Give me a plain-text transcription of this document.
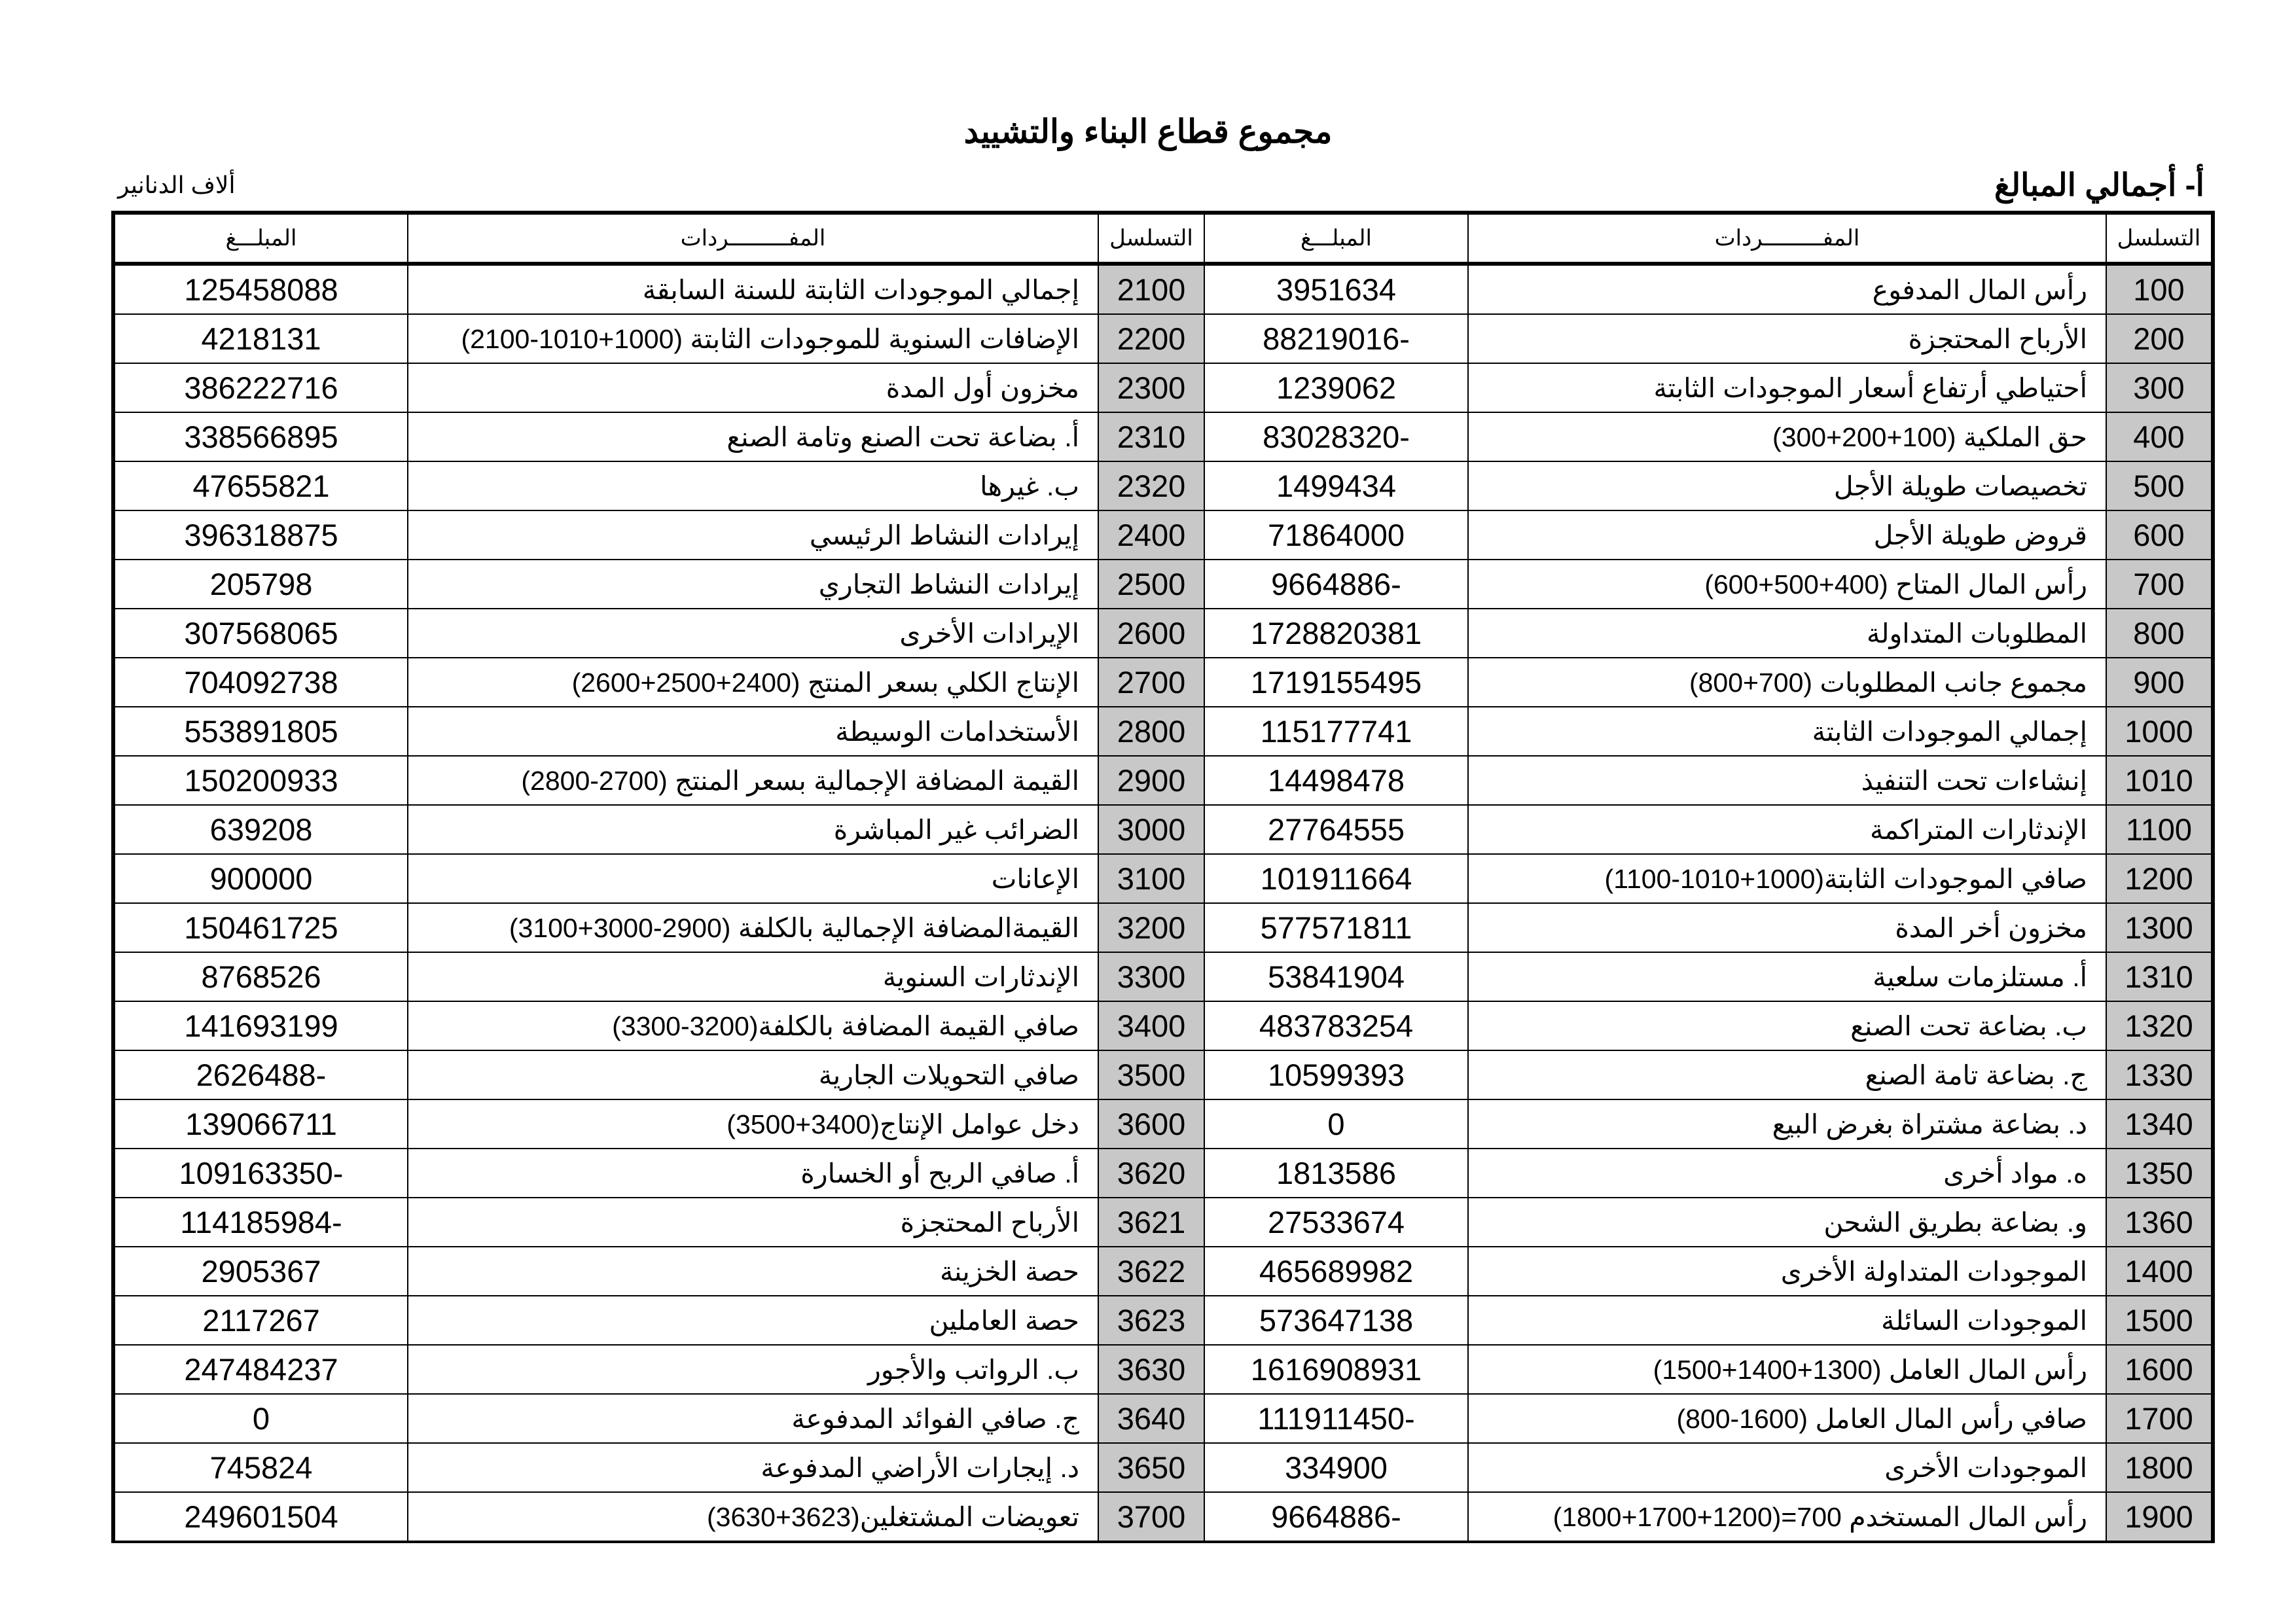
مجموع قطاع البناء والتشييد
أ- أجمالي المبالغ
ألاف الدنانير
المبلـــغ	المفـــــــــردات	التسلسل	المبلـــغ	المفـــــــــردات	التسلسل
125458088	إجمالي الموجودات الثابتة للسنة السابقة	2100	3951634	رأس المال المدفوع	100
4218131	الإضافات السنوية للموجودات الثابتة (1000+1010-2100)	2200	88219016-	الأرباح المحتجزة	200
386222716	مخزون أول المدة	2300	1239062	أحتياطي أرتفاع أسعار الموجودات الثابتة	300
338566895	أ. بضاعة تحت الصنع وتامة الصنع	2310	83028320-	حق الملكية (100+200+300)	400
47655821	ب. غيرها	2320	1499434	تخصيصات طويلة الأجل	500
396318875	إيرادات النشاط الرئيسي	2400	71864000	قروض طويلة الأجل	600
205798	إيرادات النشاط التجاري	2500	9664886-	رأس المال المتاح (400+500+600)	700
307568065	الإيرادات الأخرى	2600	1728820381	المطلوبات المتداولة	800
704092738	الإنتاج الكلي بسعر المنتج (2400+2500+2600)	2700	1719155495	مجموع جانب المطلوبات (700+800)	900
553891805	الأستخدامات الوسيطة	2800	115177741	إجمالي الموجودات الثابتة	1000
150200933	القيمة المضافة الإجمالية بسعر المنتج (2700-2800)	2900	14498478	إنشاءات تحت التنفيذ	1010
639208	الضرائب غير المباشرة	3000	27764555	الإندثارات المتراكمة	1100
900000	الإعانات	3100	101911664	صافي الموجودات الثابتة(1000+1010-1100)	1200
150461725	القيمةالمضافة الإجمالية بالكلفة (2900-3000+3100)	3200	577571811	مخزون أخر المدة	1300
8768526	الإندثارات السنوية	3300	53841904	أ. مستلزمات سلعية	1310
141693199	صافي القيمة المضافة بالكلفة(3200-3300)	3400	483783254	ب. بضاعة تحت الصنع	1320
2626488-	صافي التحويلات الجارية	3500	10599393	ج. بضاعة تامة الصنع	1330
139066711	دخل عوامل الإنتاج(3400+3500)	3600	0	د. بضاعة مشتراة بغرض البيع	1340
109163350-	أ. صافي الربح أو الخسارة	3620	1813586	ه. مواد أخرى	1350
114185984-	الأرباح المحتجزة	3621	27533674	و. بضاعة بطريق الشحن	1360
2905367	حصة الخزينة	3622	465689982	الموجودات المتداولة الأخرى	1400
2117267	حصة العاملين	3623	573647138	الموجودات السائلة	1500
247484237	ب. الرواتب والأجور	3630	1616908931	رأس المال العامل (1300+1400+1500)	1600
0	ج. صافي الفوائد المدفوعة	3640	111911450-	صافي رأس المال العامل (1600-800)	1700
745824	د. إيجارات الأراضي المدفوعة	3650	334900	الموجودات الأخرى	1800
249601504	تعويضات المشتغلين(3623+3630)	3700	9664886-	رأس المال المستخدم 700=(1200+1700+1800)	1900
